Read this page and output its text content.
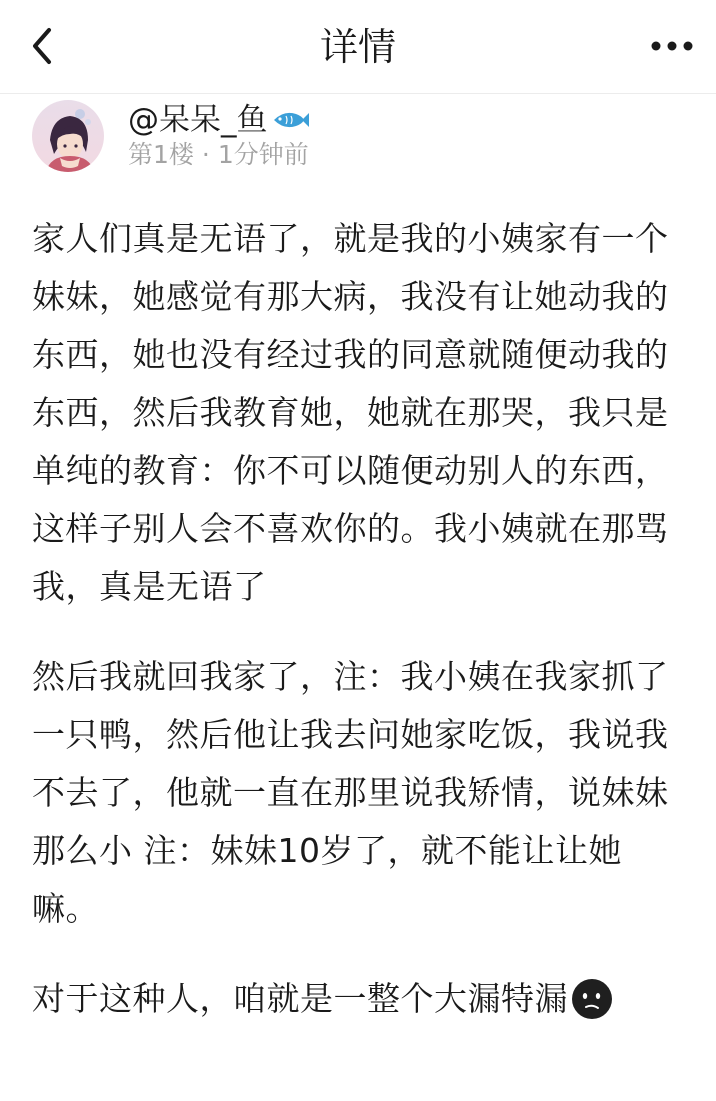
详情
@呆呆_鱼
第1楼 · 1分钟前

家人们真是无语了，就是我的小姨家有一个妹妹，她感觉有那大病，我没有让她动我的东西，她也没有经过我的同意就随便动我的东西，然后我教育她，她就在那哭，我只是单纯的教育：你不可以随便动别人的东西，这样子别人会不喜欢你的。我小姨就在那骂我，真是无语了

然后我就回我家了，注：我小姨在我家抓了一只鸭，然后他让我去问她家吃饭，我说我不去了，他就一直在那里说我矫情，说妹妹那么小 注：妹妹10岁了，就不能让让她嘛。

对于这种人，咱就是一整个大漏特漏
